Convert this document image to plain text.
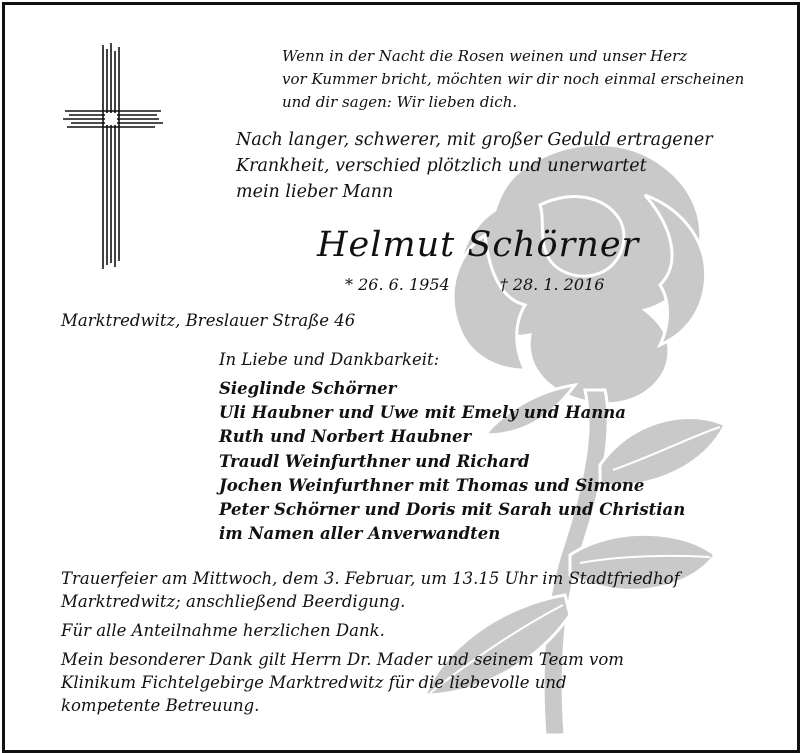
Wenn in der Nacht die Rosen weinen und unser Herz
vor Kummer bricht, möchten wir dir noch einmal erscheinen
und dir sagen: Wir lieben dich.
Nach langer, schwerer, mit großer Geduld ertragener
Krankheit, verschied plötzlich und unerwartet
mein lieber Mann
Helmut Schörner
* 26. 6. 1954	† 28. 1. 2016
Marktredwitz, Breslauer Straße 46
In Liebe und Dankbarkeit:
Sieglinde Schörner
Uli Haubner und Uwe mit Emely und Hanna
Ruth und Norbert Haubner
Traudl Weinfurthner und Richard
Jochen Weinfurthner mit Thomas und Simone
Peter Schörner und Doris mit Sarah und Christian
im Namen aller Anverwandten

Trauerfeier am Mittwoch, dem 3. Februar, um 13.15 Uhr im Stadtfriedhof
Marktredwitz; anschließend Beerdigung.

Für alle Anteilnahme herzlichen Dank.

Mein besonderer Dank gilt Herrn Dr. Mader und seinem Team vom
Klinikum Fichtelgebirge Marktredwitz für die liebevolle und
kompetente Betreuung.
